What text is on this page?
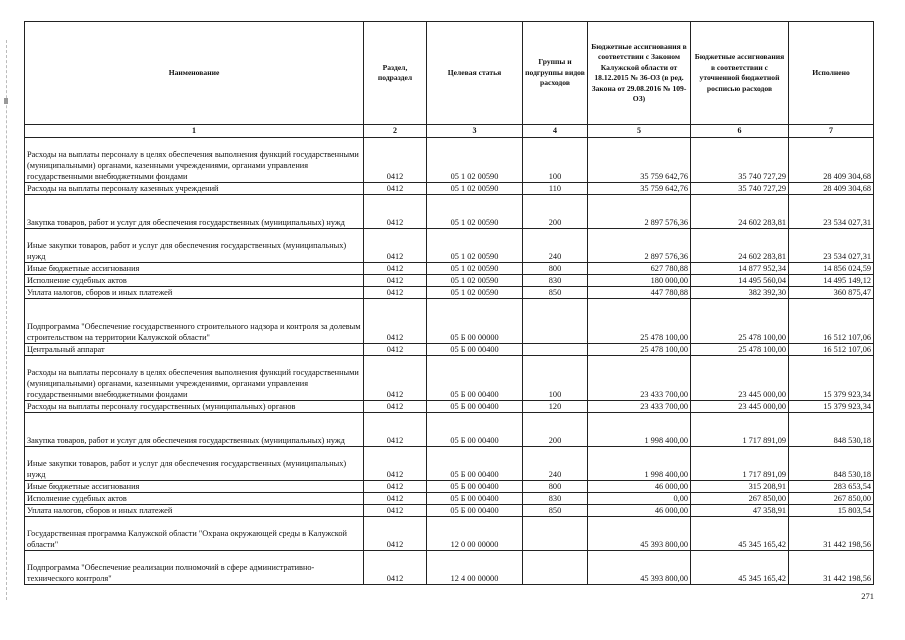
Наименование	Раздел, подраздел	Целевая статья	Группы и подгруппы видов расходов	Бюджетные ассигнования в соответствии с Законом Калужской области от 18.12.2015 № 36-ОЗ (в ред. Закона от 29.08.2016 № 109-ОЗ)	Бюджетные ассигнования в соответствии с уточненной бюджетной росписью расходов	Исполнено
1	2	3	4	5	6	7
Расходы на выплаты персоналу в целях обеспечения выполнения функций государственными (муниципальными) органами, казенными учреждениями, органами управления государственными внебюджетными фондами	0412	05 1 02 00590	100	35 759 642,76	35 740 727,29	28 409 304,68
Расходы на выплаты персоналу казенных учреждений	0412	05 1 02 00590	110	35 759 642,76	35 740 727,29	28 409 304,68
Закупка товаров, работ и услуг для обеспечения государственных (муниципальных) нужд	0412	05 1 02 00590	200	2 897 576,36	24 602 283,81	23 534 027,31
Иные закупки товаров, работ и услуг для обеспечения государственных (муниципальных) нужд	0412	05 1 02 00590	240	2 897 576,36	24 602 283,81	23 534 027,31
Иные бюджетные ассигнования	0412	05 1 02 00590	800	627 780,88	14 877 952,34	14 856 024,59
Исполнение судебных актов	0412	05 1 02 00590	830	180 000,00	14 495 560,04	14 495 149,12
Уплата налогов, сборов и иных платежей	0412	05 1 02 00590	850	447 780,88	382 392,30	360 875,47
Подпрограмма "Обеспечение государственного строительного надзора и контроля за долевым строительством на территории Калужской области"	0412	05 Б 00 00000		25 478 100,00	25 478 100,00	16 512 107,06
Центральный аппарат	0412	05 Б 00 00400		25 478 100,00	25 478 100,00	16 512 107,06
Расходы на выплаты персоналу в целях обеспечения выполнения функций государственными (муниципальными) органами, казенными учреждениями, органами управления государственными внебюджетными фондами	0412	05 Б 00 00400	100	23 433 700,00	23 445 000,00	15 379 923,34
Расходы на выплаты персоналу государственных (муниципальных) органов	0412	05 Б 00 00400	120	23 433 700,00	23 445 000,00	15 379 923,34
Закупка товаров, работ и услуг для обеспечения государственных (муниципальных) нужд	0412	05 Б 00 00400	200	1 998 400,00	1 717 891,09	848 530,18
Иные закупки товаров, работ и услуг для обеспечения государственных (муниципальных) нужд	0412	05 Б 00 00400	240	1 998 400,00	1 717 891,09	848 530,18
Иные бюджетные ассигнования	0412	05 Б 00 00400	800	46 000,00	315 208,91	283 653,54
Исполнение судебных актов	0412	05 Б 00 00400	830	0,00	267 850,00	267 850,00
Уплата налогов, сборов и иных платежей	0412	05 Б 00 00400	850	46 000,00	47 358,91	15 803,54
Государственная программа Калужской области "Охрана окружающей среды в Калужской области"	0412	12 0 00 00000		45 393 800,00	45 345 165,42	31 442 198,56
Подпрограмма "Обеспечение реализации полномочий в сфере административно-технического контроля"	0412	12 4 00 00000		45 393 800,00	45 345 165,42	31 442 198,56
271
